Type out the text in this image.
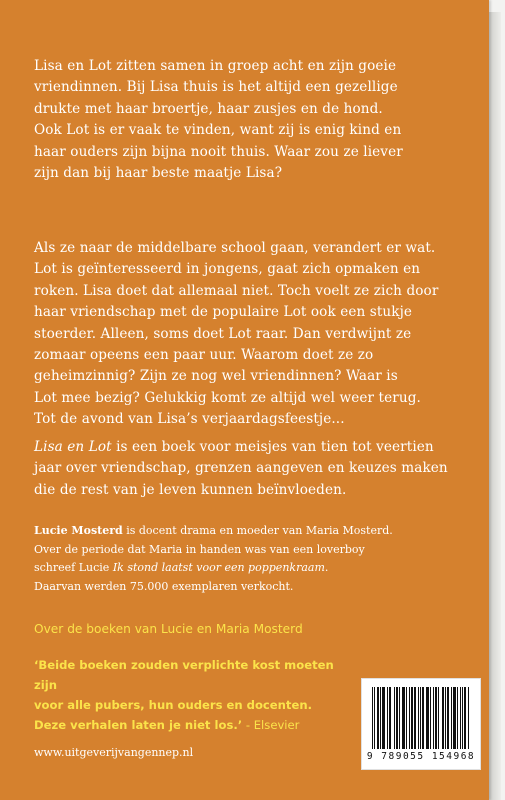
Lisa en Lot zitten samen in groep acht en zijn goeie
vriendinnen. Bij Lisa thuis is het altijd een gezellige
drukte met haar broertje, haar zusjes en de hond.
Ook Lot is er vaak te vinden, want zij is enig kind en
haar ouders zijn bijna nooit thuis. Waar zou ze liever
zijn dan bij haar beste maatje Lisa?

Als ze naar de middelbare school gaan, verandert er wat.
Lot is geïnteresseerd in jongens, gaat zich opmaken en
roken. Lisa doet dat allemaal niet. Toch voelt ze zich door
haar vriendschap met de populaire Lot ook een stukje
stoerder. Alleen, soms doet Lot raar. Dan verdwijnt ze
zomaar opeens een paar uur. Waarom doet ze zo
geheimzinnig? Zijn ze nog wel vriendinnen? Waar is
Lot mee bezig? Gelukkig komt ze altijd wel weer terug.
Tot de avond van Lisa’s verjaardagsfeestje...

Lisa en Lot is een boek voor meisjes van tien tot veertien
jaar over vriendschap, grenzen aangeven en keuzes maken
die de rest van je leven kunnen beïnvloeden.

Lucie Mosterd is docent drama en moeder van Maria Mosterd.
Over de periode dat Maria in handen was van een loverboy
schreef Lucie Ik stond laatst voor een poppenkraam.
Daarvan werden 75.000 exemplaren verkocht.

Over de boeken van Lucie en Maria Mosterd

‘Beide boeken zouden verplichte kost moeten zijn
voor alle pubers, hun ouders en docenten.
Deze verhalen laten je niet los.’ - Elsevier

www.uitgeverijvangennep.nl	9 789055 154968
